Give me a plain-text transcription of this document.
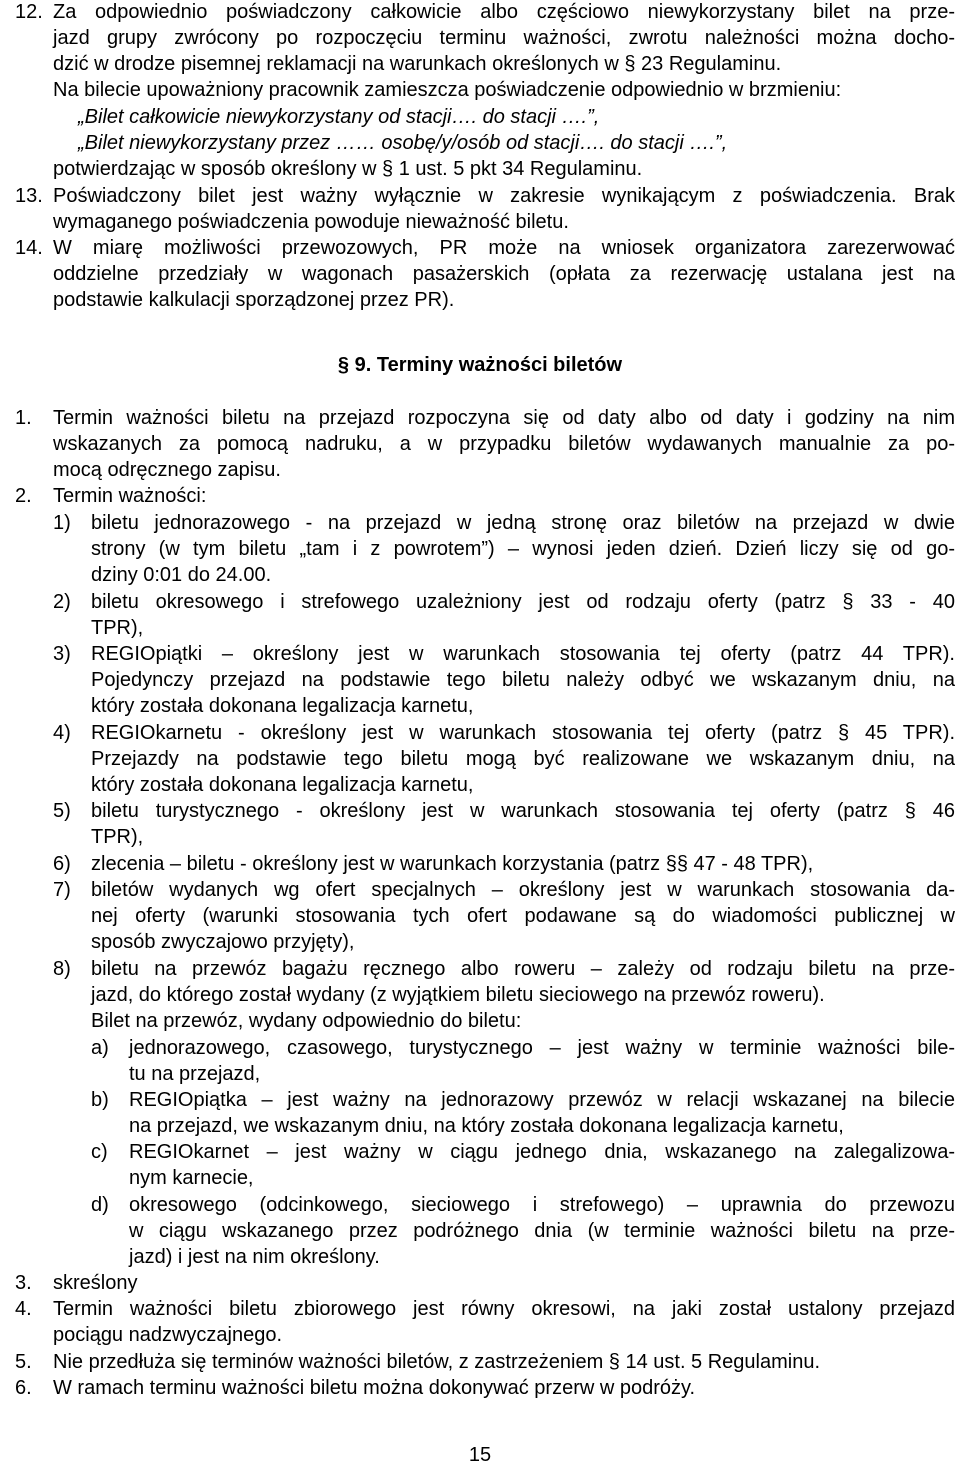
12. Za odpowiednio poświadczony całkowicie albo częściowo niewykorzystany bilet na prze-
jazd grupy zwrócony po rozpoczęciu terminu ważności, zwrotu należności można docho-
dzić w drodze pisemnej reklamacji na warunkach określonych w § 23 Regulaminu.
Na bilecie upoważniony pracownik zamieszcza poświadczenie odpowiednio w brzmieniu:
„Bilet całkowicie niewykorzystany od stacji…. do stacji ….”,
„Bilet niewykorzystany przez …… osobę/y/osób od stacji…. do stacji ….”,
potwierdzając w sposób określony w § 1 ust. 5 pkt 34 Regulaminu.
13. Poświadczony bilet jest ważny wyłącznie w zakresie wynikającym z poświadczenia. Brak
wymaganego poświadczenia powoduje nieważność biletu.
14. W miarę możliwości przewozowych, PR może na wniosek organizatora zarezerwować
oddzielne przedziały w wagonach pasażerskich (opłata za rezerwację ustalana jest na
podstawie kalkulacji sporządzonej przez PR).
§ 9. Terminy ważności biletów
1. Termin ważności biletu na przejazd rozpoczyna się od daty albo od daty i godziny na nim
wskazanych za pomocą nadruku, a w przypadku biletów wydawanych manualnie za po-
mocą odręcznego zapisu.
2. Termin ważności:
1) biletu jednorazowego - na przejazd w jedną stronę oraz biletów na przejazd w dwie
strony (w tym biletu „tam i z powrotem”) – wynosi jeden dzień. Dzień liczy się od go-
dziny 0:01 do 24.00.
2) biletu okresowego i strefowego uzależniony jest od rodzaju oferty (patrz § 33 - 40
TPR),
3) REGIOpiątki – określony jest w warunkach stosowania tej oferty (patrz 44 TPR).
Pojedynczy przejazd na podstawie tego biletu należy odbyć we wskazanym dniu, na
który została dokonana legalizacja karnetu,
4) REGIOkarnetu - określony jest w warunkach stosowania tej oferty (patrz § 45 TPR).
Przejazdy na podstawie tego biletu mogą być realizowane we wskazanym dniu, na
który została dokonana legalizacja karnetu,
5) biletu turystycznego - określony jest w warunkach stosowania tej oferty (patrz § 46
TPR),
6) zlecenia – biletu - określony jest w warunkach korzystania (patrz §§ 47 - 48 TPR),
7) biletów wydanych wg ofert specjalnych – określony jest w warunkach stosowania da-
nej oferty (warunki stosowania tych ofert podawane są do wiadomości publicznej w
sposób zwyczajowo przyjęty),
8) biletu na przewóz bagażu ręcznego albo roweru – zależy od rodzaju biletu na prze-
jazd, do którego został wydany (z wyjątkiem biletu sieciowego na przewóz roweru).
Bilet na przewóz, wydany odpowiednio do biletu:
a) jednorazowego, czasowego, turystycznego – jest ważny w terminie ważności bile-
tu na przejazd,
b) REGIOpiątka – jest ważny na jednorazowy przewóz w relacji wskazanej na bilecie
na przejazd, we wskazanym dniu, na który została dokonana legalizacja karnetu,
c) REGIOkarnet – jest ważny w ciągu jednego dnia, wskazanego na zalegalizowa-
nym karnecie,
d) okresowego (odcinkowego, sieciowego i strefowego) – uprawnia do przewozu
w ciągu wskazanego przez podróżnego dnia (w terminie ważności biletu na prze-
jazd) i jest na nim określony.
3. skreślony
4. Termin ważności biletu zbiorowego jest równy okresowi, na jaki został ustalony przejazd
pociągu nadzwyczajnego.
5. Nie przedłuża się terminów ważności biletów, z zastrzeżeniem § 14 ust. 5 Regulaminu.
6. W ramach terminu ważności biletu można dokonywać przerw w podróży.
15
